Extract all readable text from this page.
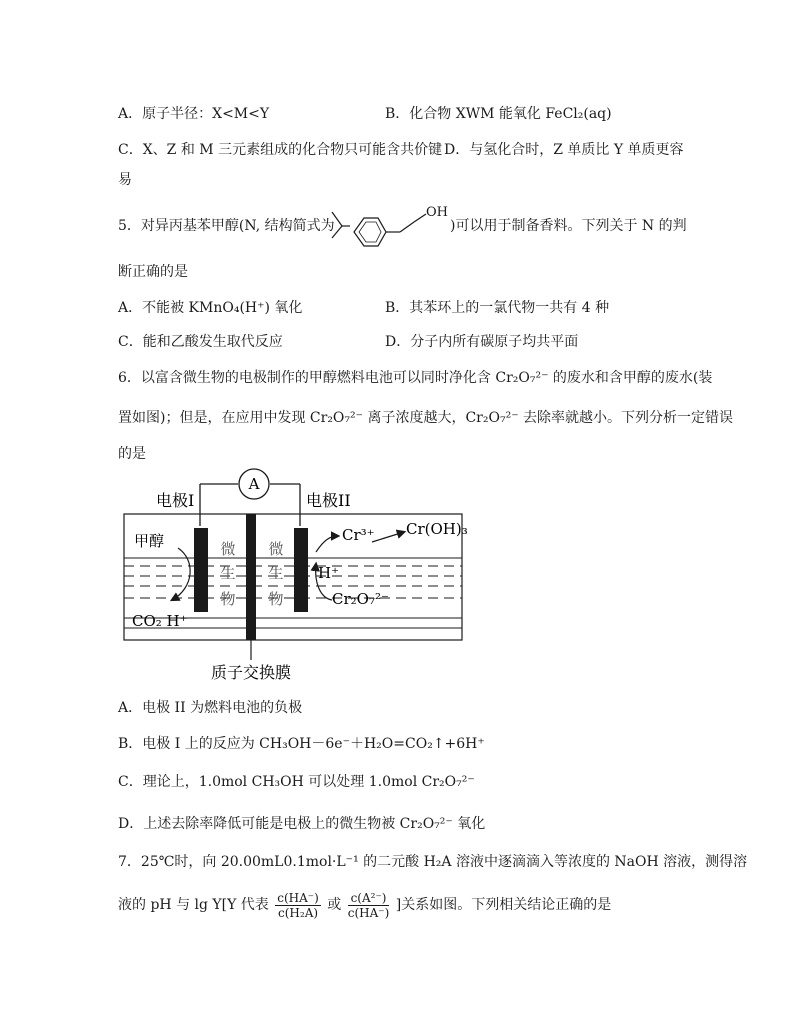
A．原子半径：X<M<Y	B．化合物 XWM 能氧化 FeCl₂(aq)
C．X、Z 和 M 三元素组成的化合物只可能含共价键 D．与氢化合时，Z 单质比 Y 单质更容
易
5．对异丙基苯甲醇(N, 结构简式为
OH
)可以用于制备香料。下列关于 N 的判
断正确的是
A．不能被 KMnO₄(H⁺) 氧化	B．其苯环上的一氯代物一共有 4 种
C．能和乙酸发生取代反应	D．分子内所有碳原子均共平面
6．以富含微生物的电极制作的甲醇燃料电池可以同时净化含 Cr₂O₇²⁻ 的废水和含甲醇的废水(装
置如图)；但是，在应用中发现 Cr₂O₇²⁻ 离子浓度越大，Cr₂O₇²⁻ 去除率就越小。下列分析一定错误
的是
A
电极I	电极II
质子交换膜
微
生
物
微
生
物
甲醇
CO₂ H⁺
Cr³⁺ Cr(OH)₃
H⁺
Cr₂O₇²⁻
A．电极 II 为燃料电池的负极
B．电极 I 上的反应为 CH₃OH－6e⁻＋H₂O=CO₂↑+6H⁺
C．理论上，1.0mol CH₃OH 可以处理 1.0mol Cr₂O₇²⁻
D．上述去除率降低可能是电极上的微生物被 Cr₂O₇²⁻ 氧化
7．25℃时，向 20.00mL0.1mol·L⁻¹ 的二元酸 H₂A 溶液中逐滴滴入等浓度的 NaOH 溶液，测得溶
液的 pH 与 lg Y[Y 代表 $\frac{c(HA^-)}{\text{c(H₂A)}}$ 或 $\frac{\text{c(A²⁻)}}{c(HA^-)}$ ]关系如图。下列相关结论正确的是
